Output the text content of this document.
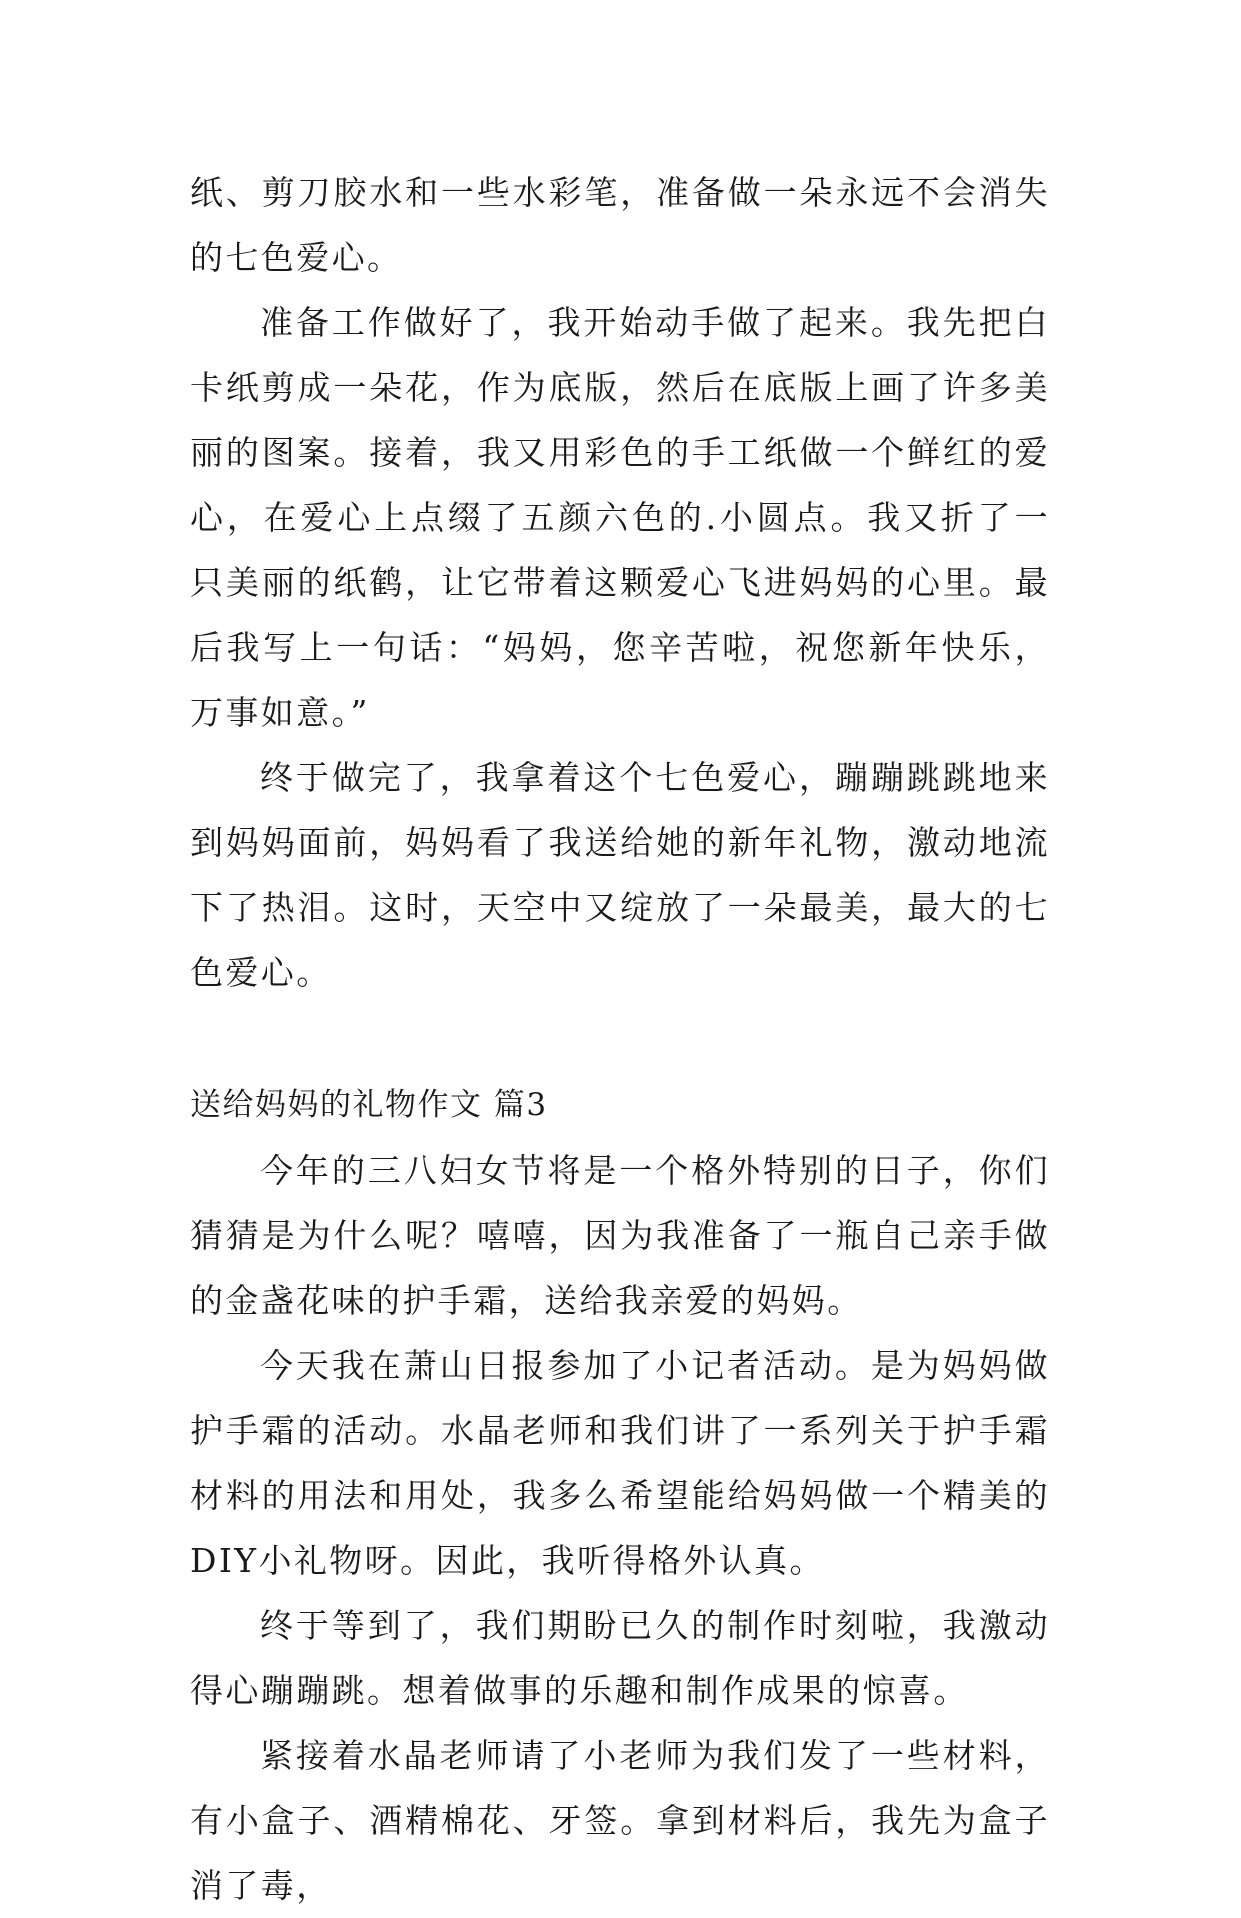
纸、剪刀胶水和一些水彩笔，准备做一朵永远不会消失的七色爱心。

准备工作做好了，我开始动手做了起来。我先把白卡纸剪成一朵花，作为底版，然后在底版上画了许多美丽的图案。接着，我又用彩色的手工纸做一个鲜红的爱心，在爱心上点缀了五颜六色的.小圆点。我又折了一只美丽的纸鹤，让它带着这颗爱心飞进妈妈的心里。最后我写上一句话：“妈妈，您辛苦啦，祝您新年快乐，万事如意。”

终于做完了，我拿着这个七色爱心，蹦蹦跳跳地来到妈妈面前，妈妈看了我送给她的新年礼物，激动地流下了热泪。这时，天空中又绽放了一朵最美，最大的七色爱心。

送给妈妈的礼物作文 篇3

今年的三八妇女节将是一个格外特别的日子，你们猜猜是为什么呢？嘻嘻，因为我准备了一瓶自己亲手做的金盏花味的护手霜，送给我亲爱的妈妈。

今天我在萧山日报参加了小记者活动。是为妈妈做护手霜的活动。水晶老师和我们讲了一系列关于护手霜材料的用法和用处，我多么希望能给妈妈做一个精美的DIY小礼物呀。因此，我听得格外认真。

终于等到了，我们期盼已久的制作时刻啦，我激动得心蹦蹦跳。想着做事的乐趣和制作成果的惊喜。

紧接着水晶老师请了小老师为我们发了一些材料，有小盒子、酒精棉花、牙签。拿到材料后，我先为盒子消了毒，
